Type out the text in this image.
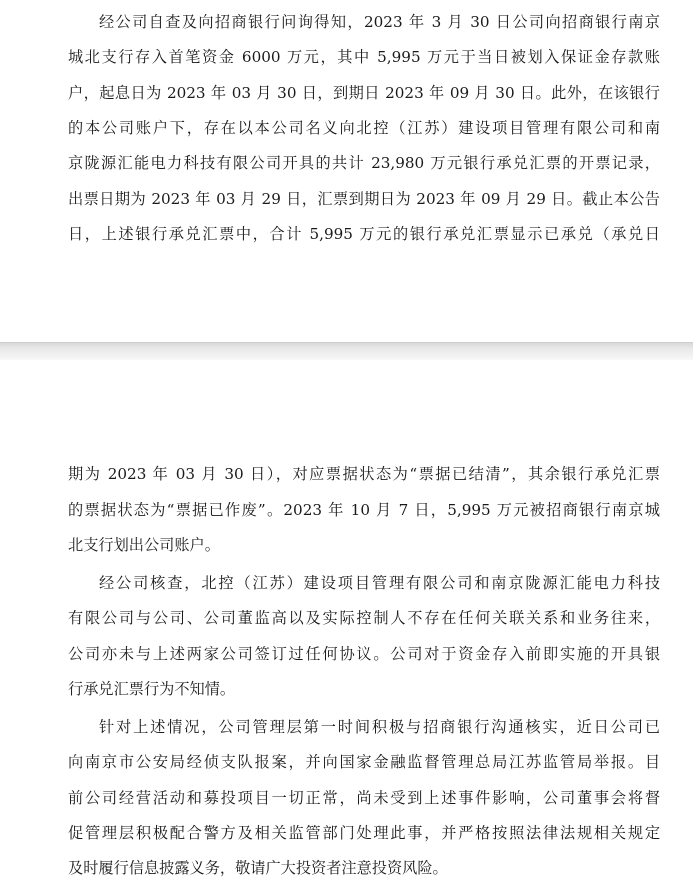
经公司自查及向招商银行问询得知，2023 年 3 月 30 日公司向招商银行南京
城北支行存入首笔资金 6000 万元，其中 5,995 万元于当日被划入保证金存款账
户，起息日为 2023 年 03 月 30 日，到期日 2023 年 09 月 30 日。此外，在该银行
的本公司账户下，存在以本公司名义向北控（江苏）建设项目管理有限公司和南
京陇源汇能电力科技有限公司开具的共计 23,980 万元银行承兑汇票的开票记录，
出票日期为 2023 年 03 月 29 日，汇票到期日为 2023 年 09 月 29 日。截止本公告
日，上述银行承兑汇票中，合计 5,995 万元的银行承兑汇票显示已承兑（承兑日
期为 2023 年 03 月 30 日），对应票据状态为“票据已结清”，其余银行承兑汇票
的票据状态为“票据已作废”。2023 年 10 月 7 日，5,995 万元被招商银行南京城
北支行划出公司账户。
经公司核查，北控（江苏）建设项目管理有限公司和南京陇源汇能电力科技
有限公司与公司、公司董监高以及实际控制人不存在任何关联关系和业务往来，
公司亦未与上述两家公司签订过任何协议。公司对于资金存入前即实施的开具银
行承兑汇票行为不知情。
针对上述情况，公司管理层第一时间积极与招商银行沟通核实，近日公司已
向南京市公安局经侦支队报案，并向国家金融监督管理总局江苏监管局举报。目
前公司经营活动和募投项目一切正常，尚未受到上述事件影响，公司董事会将督
促管理层积极配合警方及相关监管部门处理此事，并严格按照法律法规相关规定
及时履行信息披露义务，敬请广大投资者注意投资风险。
